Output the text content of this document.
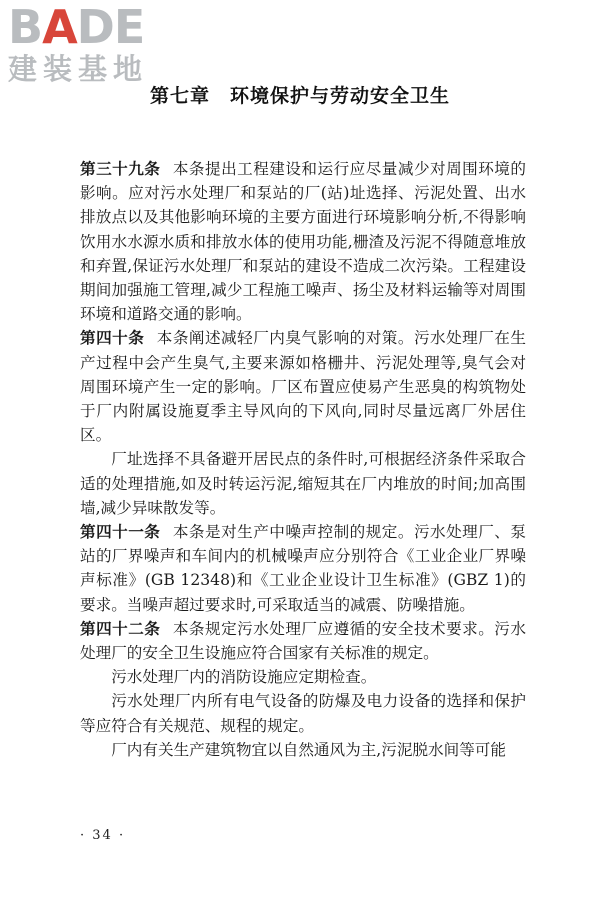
BADE
建装基地
第七章　环境保护与劳动安全卫生

第三十九条 本条提出工程建设和运行应尽量减少对周围环境的影响。应对污水处理厂和泵站的厂(站)址选择、污泥处置、出水排放点以及其他影响环境的主要方面进行环境影响分析,不得影响饮用水水源水质和排放水体的使用功能,栅渣及污泥不得随意堆放和弃置,保证污水处理厂和泵站的建设不造成二次污染。工程建设期间加强施工管理,减少工程施工噪声、扬尘及材料运输等对周围环境和道路交通的影响。

第四十条 本条阐述减轻厂内臭气影响的对策。污水处理厂在生产过程中会产生臭气,主要来源如格栅井、污泥处理等,臭气会对周围环境产生一定的影响。厂区布置应使易产生恶臭的构筑物处于厂内附属设施夏季主导风向的下风向,同时尽量远离厂外居住区。

厂址选择不具备避开居民点的条件时,可根据经济条件采取合适的处理措施,如及时转运污泥,缩短其在厂内堆放的时间;加高围墙,减少异味散发等。

第四十一条 本条是对生产中噪声控制的规定。污水处理厂、泵站的厂界噪声和车间内的机械噪声应分别符合《工业企业厂界噪声标准》(GB 12348)和《工业企业设计卫生标准》(GBZ 1)的要求。当噪声超过要求时,可采取适当的减震、防噪措施。

第四十二条 本条规定污水处理厂应遵循的安全技术要求。污水处理厂的安全卫生设施应符合国家有关标准的规定。

污水处理厂内的消防设施应定期检查。

污水处理厂内所有电气设备的防爆及电力设备的选择和保护等应符合有关规范、规程的规定。

厂内有关生产建筑物宜以自然通风为主,污泥脱水间等可能

· 34 ·
